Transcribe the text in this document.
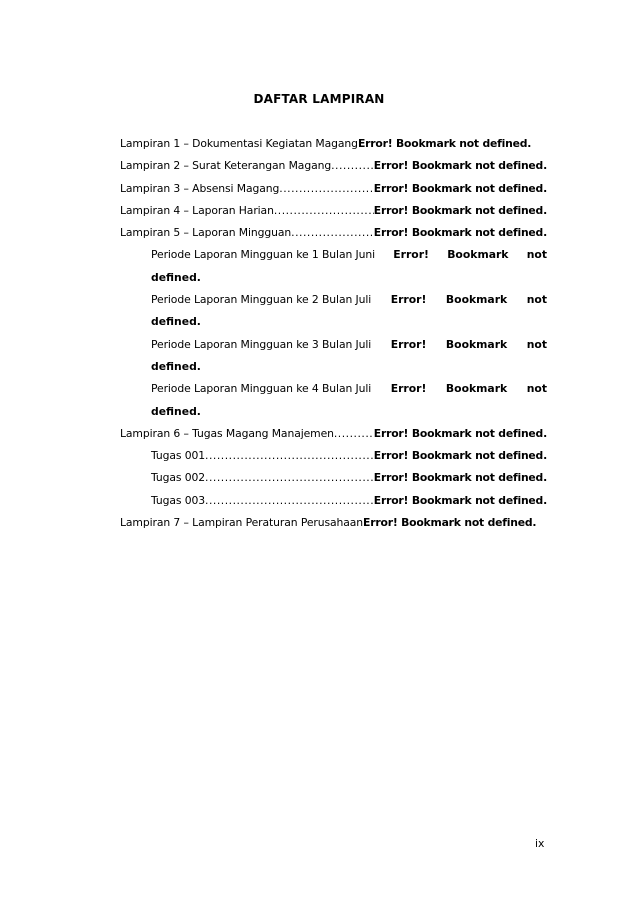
DAFTAR LAMPIRAN
Lampiran 1 – Dokumentasi Kegiatan Magang Error! Bookmark not defined.
Lampiran 2 – Surat Keterangan Magang .....	Error! Bookmark not defined.
Lampiran 3 – Absensi Magang .....	Error! Bookmark not defined.
Lampiran 4 – Laporan Harian .....	Error! Bookmark not defined.
Lampiran 5 – Laporan Mingguan .....	Error! Bookmark not defined.
Periode Laporan Mingguan ke 1 Bulan Juni Error! Bookmark not
defined.
Periode Laporan Mingguan ke 2 Bulan Juli Error! Bookmark not
defined.
Periode Laporan Mingguan ke 3 Bulan Juli Error! Bookmark not
defined.
Periode Laporan Mingguan ke 4 Bulan Juli Error! Bookmark not
defined.
Lampiran 6 – Tugas Magang Manajemen .....	Error! Bookmark not defined.
Tugas 001 .....	Error! Bookmark not defined.
Tugas 002 .....	Error! Bookmark not defined.
Tugas 003 .....	Error! Bookmark not defined.
Lampiran 7 – Lampiran Peraturan Perusahaan Error! Bookmark not defined.
ix
